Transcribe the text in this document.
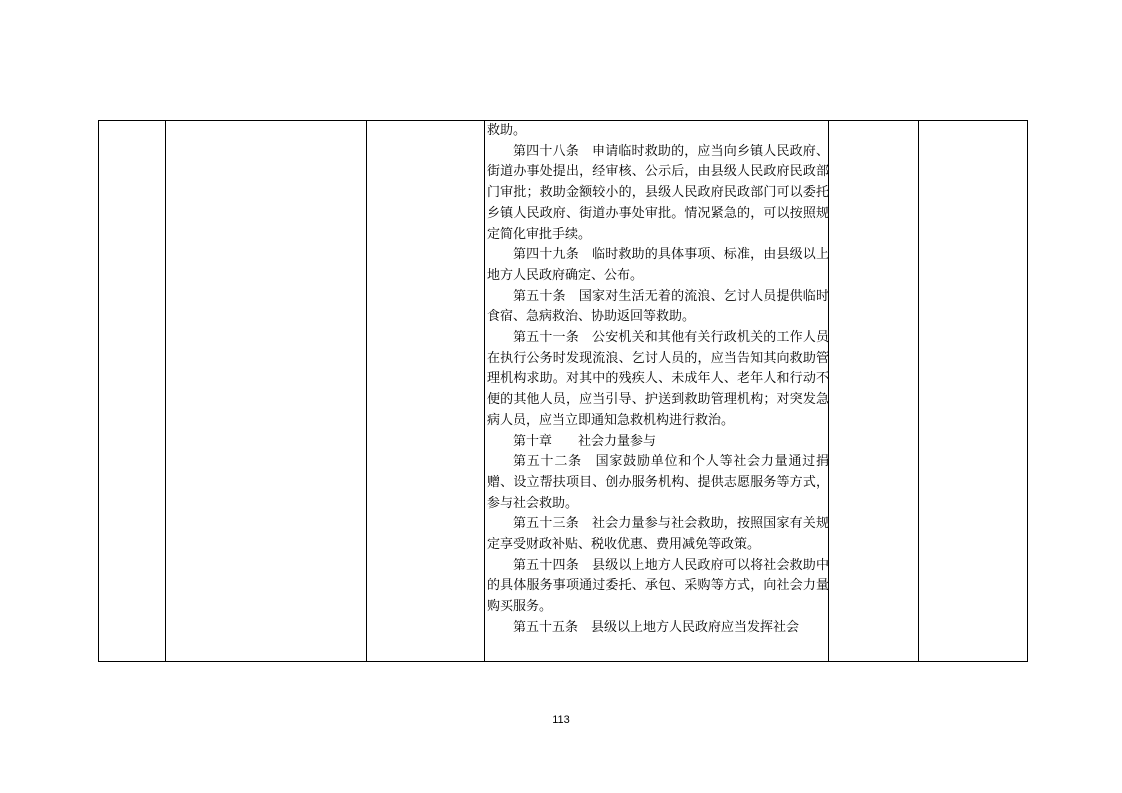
救助。

第四十八条　申请临时救助的，应当向乡镇人民政府、街道办事处提出，经审核、公示后，由县级人民政府民政部门审批；救助金额较小的，县级人民政府民政部门可以委托乡镇人民政府、街道办事处审批。情况紧急的，可以按照规定简化审批手续。

第四十九条　临时救助的具体事项、标准，由县级以上地方人民政府确定、公布。

第五十条　国家对生活无着的流浪、乞讨人员提供临时食宿、急病救治、协助返回等救助。

第五十一条　公安机关和其他有关行政机关的工作人员在执行公务时发现流浪、乞讨人员的，应当告知其向救助管理机构求助。对其中的残疾人、未成年人、老年人和行动不便的其他人员，应当引导、护送到救助管理机构；对突发急病人员，应当立即通知急救机构进行救治。

第十章　　社会力量参与

第五十二条　国家鼓励单位和个人等社会力量通过捐赠、设立帮扶项目、创办服务机构、提供志愿服务等方式，参与社会救助。

第五十三条　社会力量参与社会救助，按照国家有关规定享受财政补贴、税收优惠、费用减免等政策。

第五十四条　县级以上地方人民政府可以将社会救助中的具体服务事项通过委托、承包、采购等方式，向社会力量购买服务。

第五十五条　县级以上地方人民政府应当发挥社会

113
